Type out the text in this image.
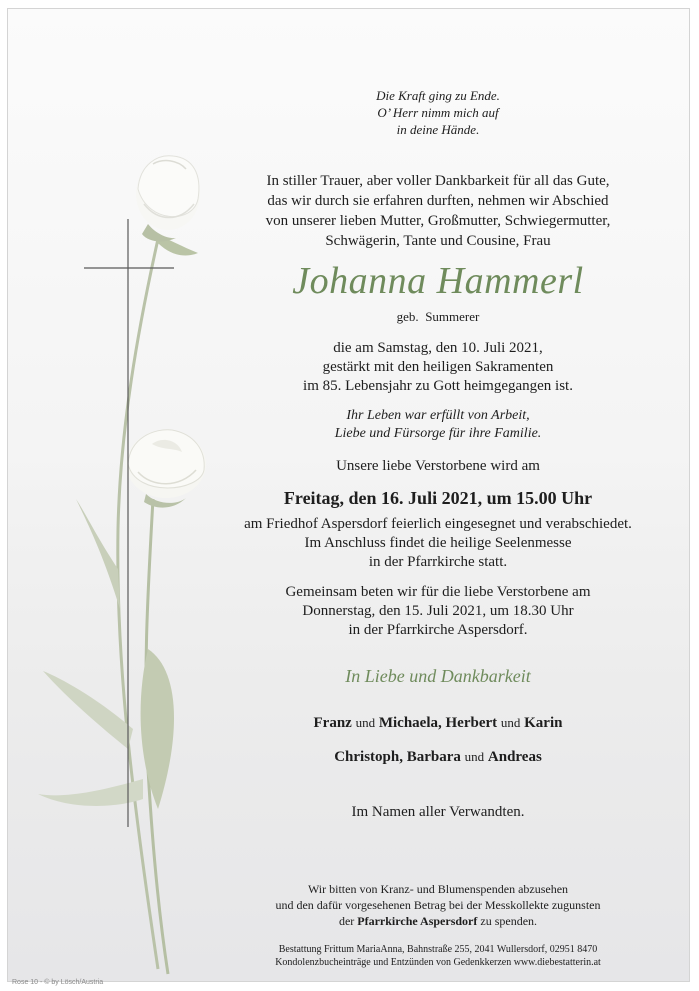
Die Kraft ging zu Ende.
O’ Herr nimm mich auf
in deine Hände.
In stiller Trauer, aber voller Dankbarkeit für all das Gute,
das wir durch sie erfahren durften, nehmen wir Abschied
von unserer lieben Mutter, Großmutter, Schwiegermutter,
Schwägerin, Tante und Cousine, Frau
Johanna Hammerl
geb. Summerer
die am Samstag, den 10. Juli 2021,
gestärkt mit den heiligen Sakramenten
im 85. Lebensjahr zu Gott heimgegangen ist.
Ihr Leben war erfüllt von Arbeit,
Liebe und Fürsorge für ihre Familie.
Unsere liebe Verstorbene wird am
Freitag, den 16. Juli 2021, um 15.00 Uhr
am Friedhof Aspersdorf feierlich eingesegnet und verabschiedet.
Im Anschluss findet die heilige Seelenmesse
in der Pfarrkirche statt.
Gemeinsam beten wir für die liebe Verstorbene am
Donnerstag, den 15. Juli 2021, um 18.30 Uhr
in der Pfarrkirche Aspersdorf.
In Liebe und Dankbarkeit
Franz und Michaela, Herbert und Karin
Christoph, Barbara und Andreas
Im Namen aller Verwandten.
Wir bitten von Kranz- und Blumenspenden abzusehen
und den dafür vorgesehenen Betrag bei der Messkollekte zugunsten
der Pfarrkirche Aspersdorf zu spenden.
Bestattung Frittum MariaAnna, Bahnstraße 255, 2041 Wullersdorf, 02951 8470
Kondolenzbucheinträge und Entzünden von Gedenkkerzen www.diebestatterin.at
Rose 10 - © by Lösch/Austria
